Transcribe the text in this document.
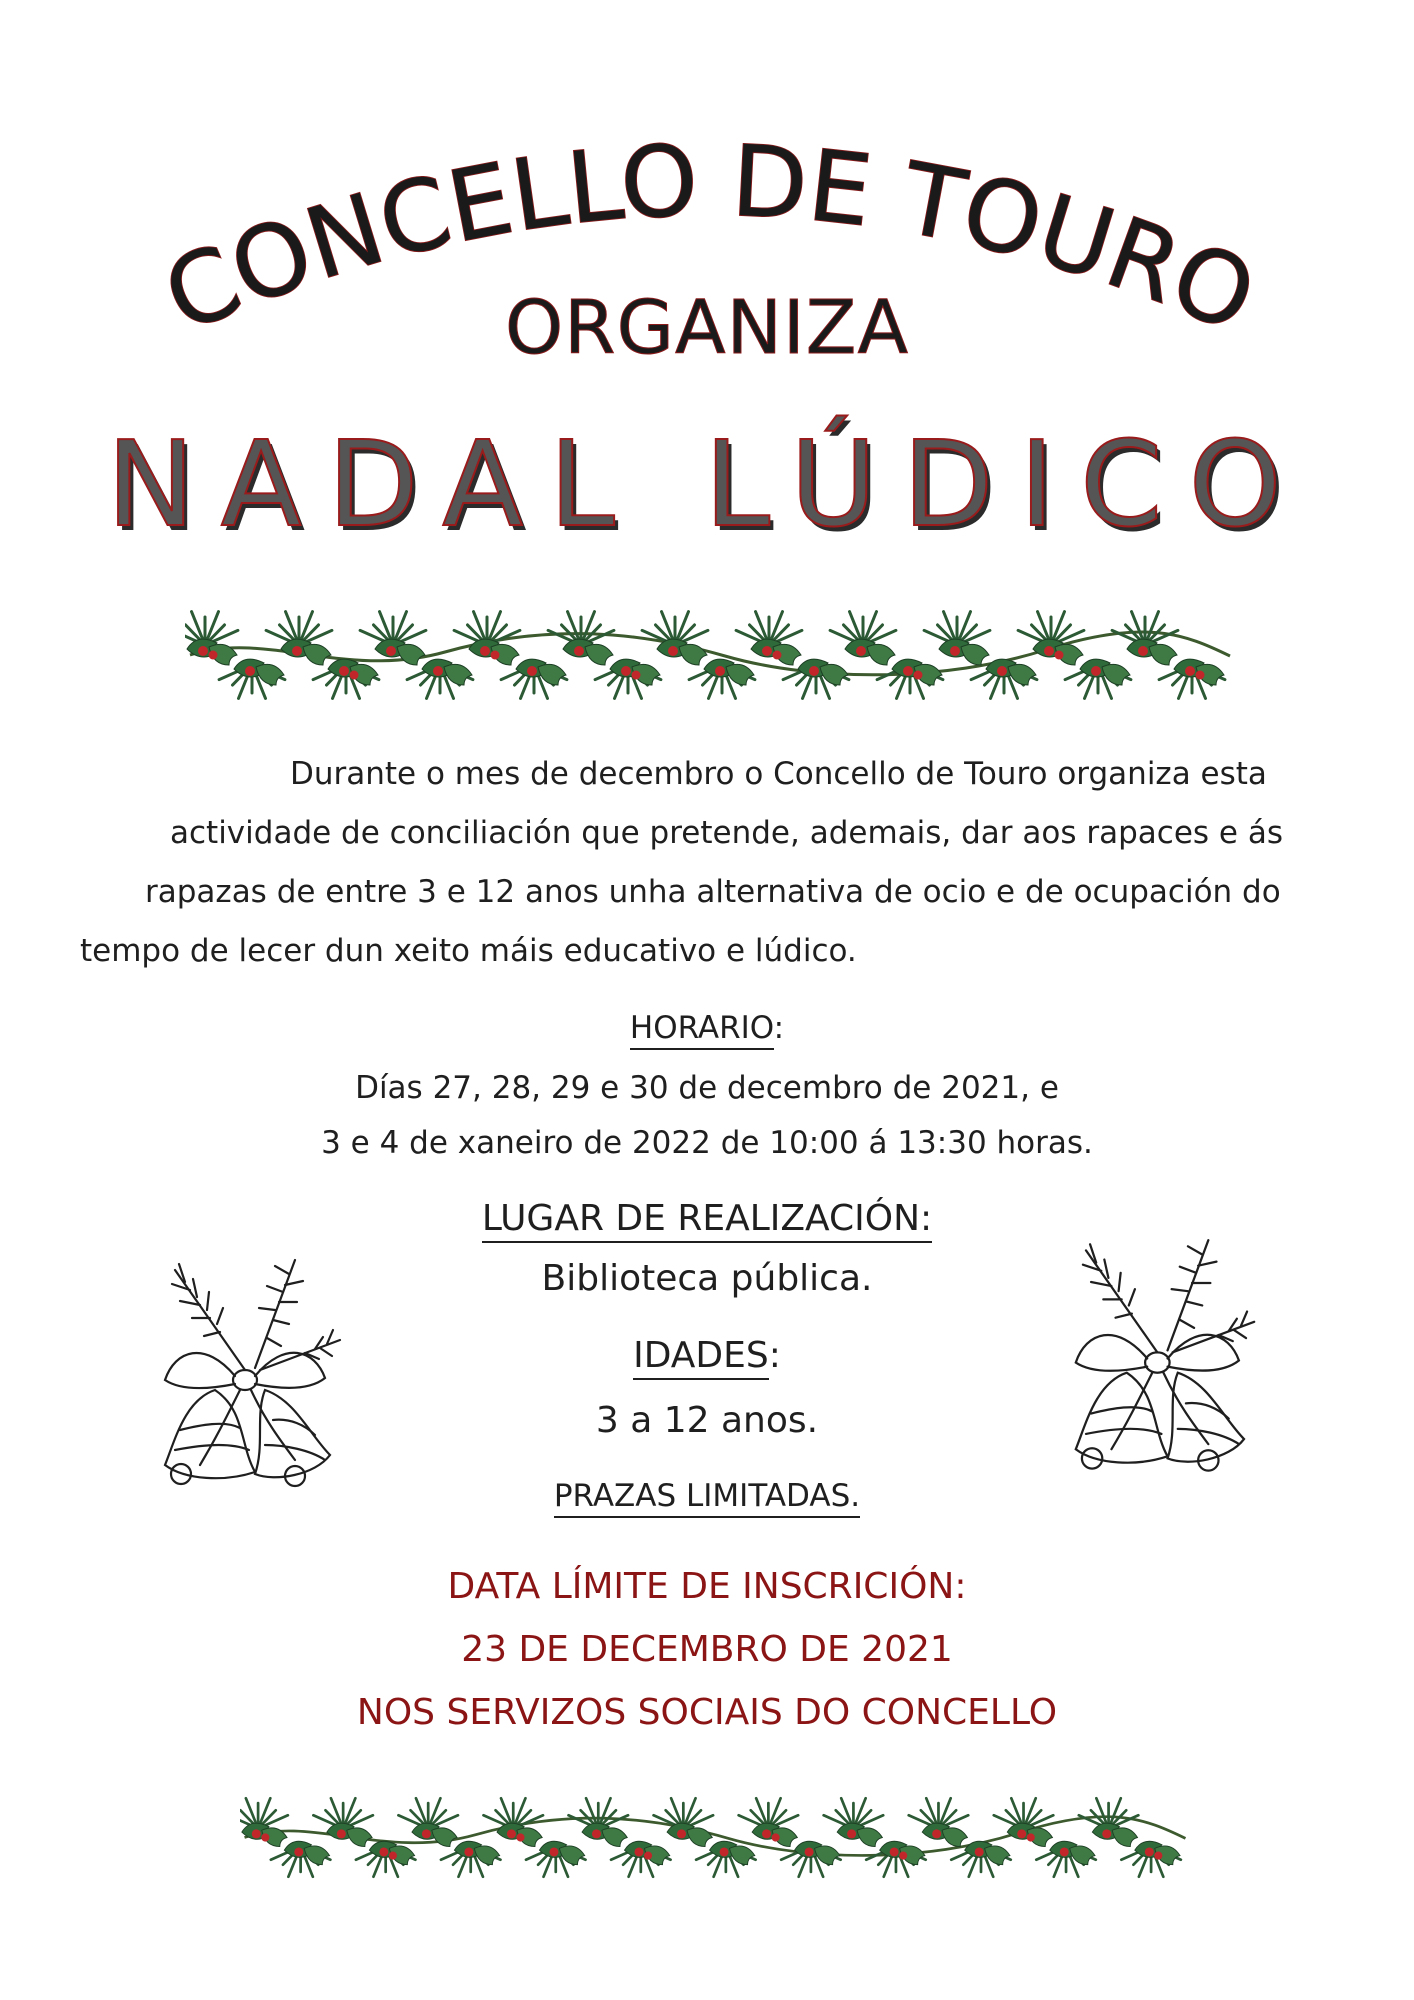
CONCELLO DE TOURO
ORGANIZA
NADAL LÚDICO
Durante o mes de decembro o Concello de Touro organiza esta
actividade de conciliación que pretende, ademais, dar aos rapaces e ás
rapazas de entre 3 e 12 anos unha alternativa de ocio e de ocupación do
tempo de lecer dun xeito máis educativo e lúdico.
HORARIO:
Días 27, 28, 29 e 30 de decembro de 2021, e
3 e 4 de xaneiro de 2022 de 10:00 á 13:30 horas.
LUGAR DE REALIZACIÓN:
Biblioteca pública.
IDADES:
3 a 12 anos.
PRAZAS LIMITADAS.
DATA LÍMITE DE INSCRICIÓN:
23 DE DECEMBRO DE 2021
NOS SERVIZOS SOCIAIS DO CONCELLO
